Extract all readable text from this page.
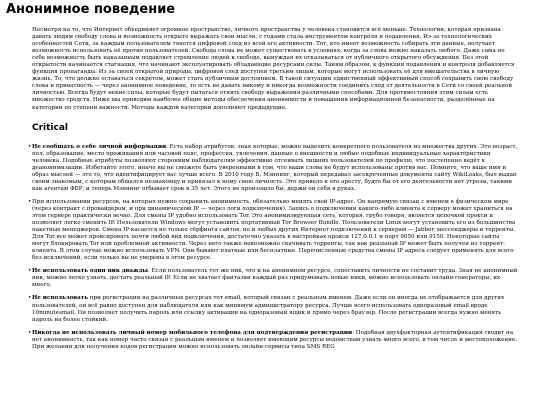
Анонимное поведение

Несмотря на то, что Интернет объединяет огромное пространство, личного пространства у человека становится всё меньше. Технологии, которая призвана давать людям свободу слова и возможность открыто выражать свои мысли, с годами стала инструментом контроля и подавления. Из-за технологических особенностей Сети, за каждым пользователем тянется цифровой след из всей его активности. Тот, кто имеет возможность собирать эти данные, получает возможность использовать её против пользователей. Свобода слова не может существовать в условиях, когда за слова можно наказать любого. Даже сама по себе возможность быть наказанным подавляет стремление людей к свободе, вынуждая их отказываться от публичного открытого обсуждения. Без этой открытости начинается стагнация, что начинают эксплуатировать обладающие ресурсами силы. Таким образом, к функции подавления и контроля добавляется функция пропаганды. Из за своей открытой природы, цифровой след доступен третьим лицам, которые могут использовать её для вмешательства в личную жизнь. То, что должно оставаться секретом, может стать публичным достоянием. В такой ситуации единственный эффективный способ сохранить свою свободу слова и приватность — через анонимное поведение, то есть не давать никому и никогда возможности соединить след от деятельности в Сети со своей реальной личностью. Всегда будут некие силы, которые будут пытаться отнять свободу выражения различными способами. Для противостояния этим силам есть множество средств. Ниже мы приводим наиболее общие методы обеспечения анонимности и повышения информационной безопасности, разделённые на категории по степени важности. Методы каждой категории дополняют предыдущие.

Critical
• Не сообщать о себе личной информации. Есть набор атрибутов, зная которые, можно выделить конкретного пользователя из множества других. Это возраст, пол, образование, место проживания или часовой пояс, профессия, увлечения, данные о внешности и любые подобные индивидуальные характеристики человека. Подобные атрибуты позволяют сторонним наблюдателям эффективно отсеивать лишних пользователей по профилю, что постепенно ведёт к деанонимизации. Избегайте этого, иначе вы не сможете быть уверенными в том, что ваши слова не будут использованы против вас. Помните, что ваше имя и образ мыслей — это то, что идентифицирует вас лучше всего. В 2010 году Б. Мэннинг, который передавал засекреченные документы сайту WikiLeaks, был выдан своим знакомым, с которым общался незнакомцу и привязал к нему свою личность. Это привело к его аресту, будто бы от его деятельности нет угрозы, такими как агентам ФБР, и теперь Мэннинг отбывает срок в 35 лет. Этого не произошло бы, держи он себя в руках.
• При использовании ресурсов, на которых нужно сохранить анонимность, обязательно менять свой IP-адрес. Он напрямую связан с именем в физическом мире (через контракт с провайдером, и при динамическом IP — через логи подключения). Запись о подключении какого-либо клиента к серверу может храниться на этом сервере практически вечно. Для смены IP удобно использовать Tor. Это анонимизирующая сеть, которая, грубо говоря, является цепочкой прокси и позволяет легко сменить IP. Пользователи Windows могут установить портативный Tor Browser Bundle. Пользователи Linux могут установить его из большинства пакетных менеджеров. Смена IP касается не только сёрфинга сайтов, но и любых других Интернет подключений к серверам — Jabber, мессенджеры и торренты. Для Tor все может проксировать почти любой вид подключения, достаточно указать в настройках прокси 127.0.0.1 и порт 9050 или 9150. Некоторые сайты могут блокировать Tor или проблемной активности. Через него также невозможно скачивать торренты, так как реальный IP может быть получен из торрент-клиента. В этом случае можно использовать VPN. Они бывают платные или бесплатные. Перечисленные средства смены IP адреса следует применять для всего без исключений, если только вы не уверены в этом ресурсе.
• Не использовать один ник дважды. Если пользователь тот же ник, что и на анонимном ресурсе, сопоставить личности не составит труда. Зная не анонимный ник, можно легко узнать, достать реальный IP. Если не хватает фантазии каждый раз придумывать новые ники, можно использовать онлайн-генераторы, их много.
• Не использовать при регистрации на различных ресурсах тот email, который связан с реальным именем. Даже если он иногда не отображается для других пользователей, он всё равно доступен для наблюдателя или как минимум администратору ресурса. Лучше всего использовать одноразовый email вроде 10minutesmail. Он позволяет получить пароль или ссылку активации на одноразовый ящик и прямо через браузер. После регистрации всегда нужно менять пароль на более стойкий.
• Никогда не использовать личный номер мобильного телефона для подтверждения регистрации. Подобная двухфакторная аутентификация сводит на нет анонимность, так как номер часто связан с реальным именем и позволяет имеющим ресурсы ведомствам узнать много всего, в том числе и местоположение. При желании для получения кодов регистрации можно использовать онлайн-сервисы типа SMS REG
